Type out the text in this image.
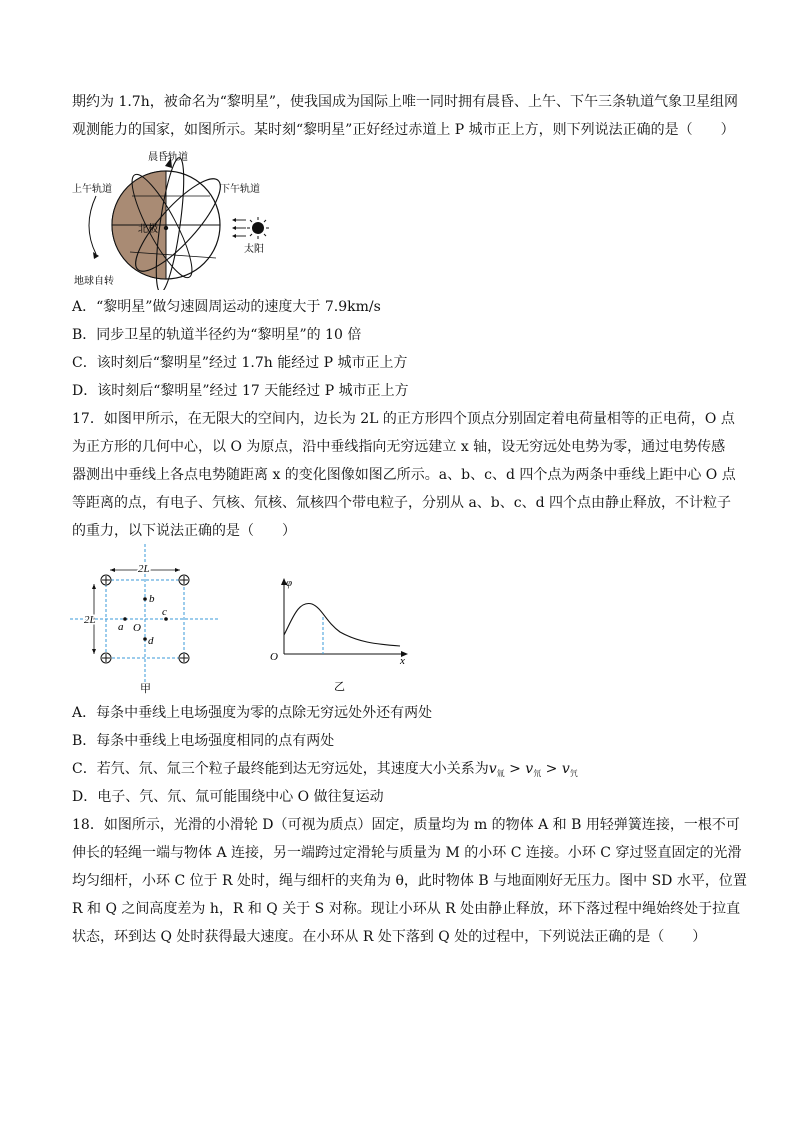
期约为 1.7h，被命名为“黎明星”，使我国成为国际上唯一同时拥有晨昏、上午、下午三条轨道气象卫星组网
观测能力的国家，如图所示。某时刻“黎明星”正好经过赤道上 P 城市正上方，则下列说法正确的是（　　）
晨昏轨道
上午轨道	下午轨道
北极
地球自转
太阳
A．“黎明星”做匀速圆周运动的速度大于 7.9km/s
B．同步卫星的轨道半径约为“黎明星”的 10 倍
C．该时刻后“黎明星”经过 1.7h 能经过 P 城市正上方
D．该时刻后“黎明星”经过 17 天能经过 P 城市正上方
17．如图甲所示，在无限大的空间内，边长为 2L 的正方形四个顶点分别固定着电荷量相等的正电荷，O 点
为正方形的几何中心，以 O 为原点，沿中垂线指向无穷远建立 x 轴，设无穷远处电势为零，通过电势传感
器测出中垂线上各点电势随距离 x 的变化图像如图乙所示。a、b、c、d 四个点为两条中垂线上距中心 O 点
等距离的点，有电子、氕核、氘核、氚核四个带电粒子，分别从 a、b、c、d 四个点由静止释放，不计粒子
的重力，以下说法正确的是（　　）
2L
2L
b
c
a
d
O
甲
φ
x
O
乙
A．每条中垂线上电场强度为零的点除无穷远处外还有两处
B．每条中垂线上电场强度相同的点有两处
C．若氕、氘、氚三个粒子最终能到达无穷远处，其速度大小关系为$v_氚 > v_氘 > v_氕$
D．电子、氕、氘、氚可能围绕中心 O 做往复运动
18．如图所示，光滑的小滑轮 D（可视为质点）固定，质量均为 m 的物体 A 和 B 用轻弹簧连接，一根不可
伸长的轻绳一端与物体 A 连接，另一端跨过定滑轮与质量为 M 的小环 C 连接。小环 C 穿过竖直固定的光滑
均匀细杆，小环 C 位于 R 处时，绳与细杆的夹角为 θ，此时物体 B 与地面刚好无压力。图中 SD 水平，位置
R 和 Q 之间高度差为 h，R 和 Q 关于 S 对称。现让小环从 R 处由静止释放，环下落过程中绳始终处于拉直
状态，环到达 Q 处时获得最大速度。在小环从 R 处下落到 Q 处的过程中，下列说法正确的是（　　）
